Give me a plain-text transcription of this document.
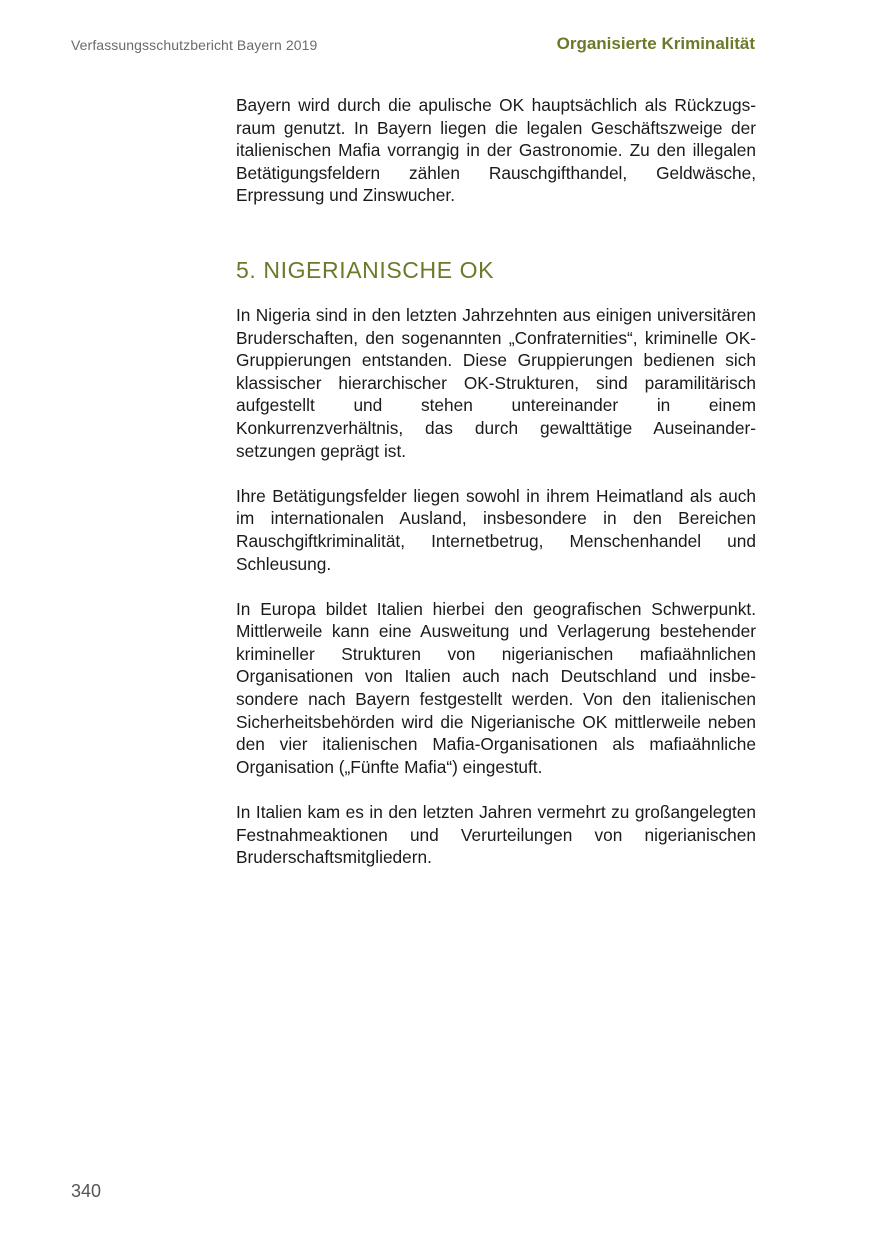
Verfassungsschutzbericht Bayern 2019	Organisierte Kriminalität

Bayern wird durch die apulische OK hauptsächlich als Rückzugsraum genutzt. In Bayern liegen die legalen Geschäftszweige der italienischen Mafia vorrangig in der Gastronomie. Zu den illegalen Betätigungsfeldern zählen Rauschgifthandel, Geldwäsche, Erpressung und Zinswucher.

5. NIGERIANISCHE OK

In Nigeria sind in den letzten Jahrzehnten aus einigen universitären Bruderschaften, den sogenannten „Confraternities“, kriminelle OK-Gruppierungen entstanden. Diese Gruppierungen bedienen sich klassischer hierarchischer OK-Strukturen, sind paramilitärisch aufgestellt und stehen untereinander in einem Konkurrenzverhältnis, das durch gewalttätige Auseinandersetzungen geprägt ist.

Ihre Betätigungsfelder liegen sowohl in ihrem Heimatland als auch im internationalen Ausland, insbesondere in den Bereichen Rauschgiftkriminalität, Internetbetrug, Menschenhandel und Schleusung.

In Europa bildet Italien hierbei den geografischen Schwerpunkt. Mittlerweile kann eine Ausweitung und Verlagerung bestehender krimineller Strukturen von nigerianischen mafiaähnlichen Organisationen von Italien auch nach Deutschland und insbesondere nach Bayern festgestellt werden. Von den italienischen Sicherheitsbehörden wird die Nigerianische OK mittlerweile neben den vier italienischen Mafia-Organisationen als mafiaähnliche Organisation („Fünfte Mafia“) eingestuft.

In Italien kam es in den letzten Jahren vermehrt zu großangelegten Festnahmeaktionen und Verurteilungen von nigerianischen Bruderschaftsmitgliedern.

340
